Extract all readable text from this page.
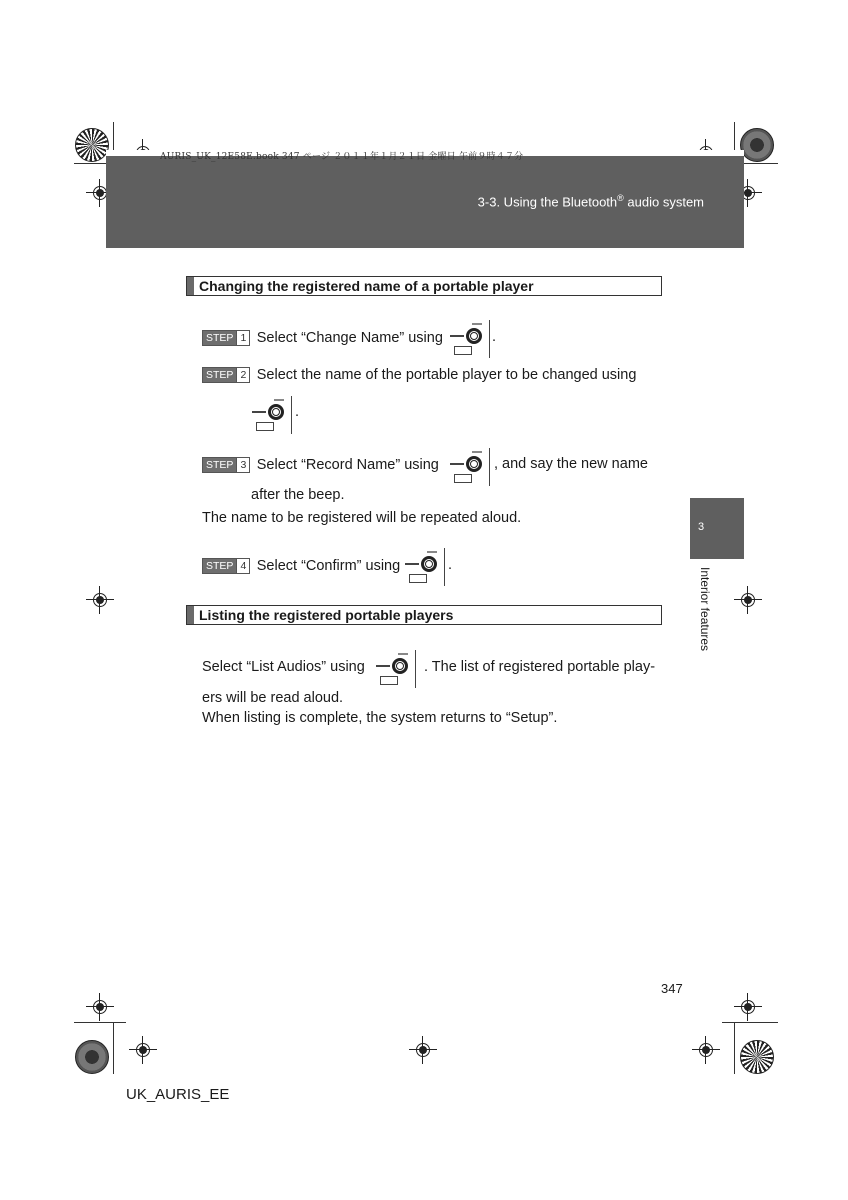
AURIS_UK_12E58E.book 347 ページ ２０１１年１月２１日 金曜日 午前９時４７分
3-3. Using the Bluetooth® audio system
3
Interior features
Changing the registered name of a portable player
STEP 1 Select “Change Name” using	.
STEP 2 Select the name of the portable player to be changed using
.
STEP 3 Select “Record Name” using	, and say the new name
after the beep.
The name to be registered will be repeated aloud.
STEP 4 Select “Confirm” using	.
Listing the registered portable players
Select “List Audios” using	. The list of registered portable play-
ers will be read aloud.
When listing is complete, the system returns to “Setup”.
347
UK_AURIS_EE
